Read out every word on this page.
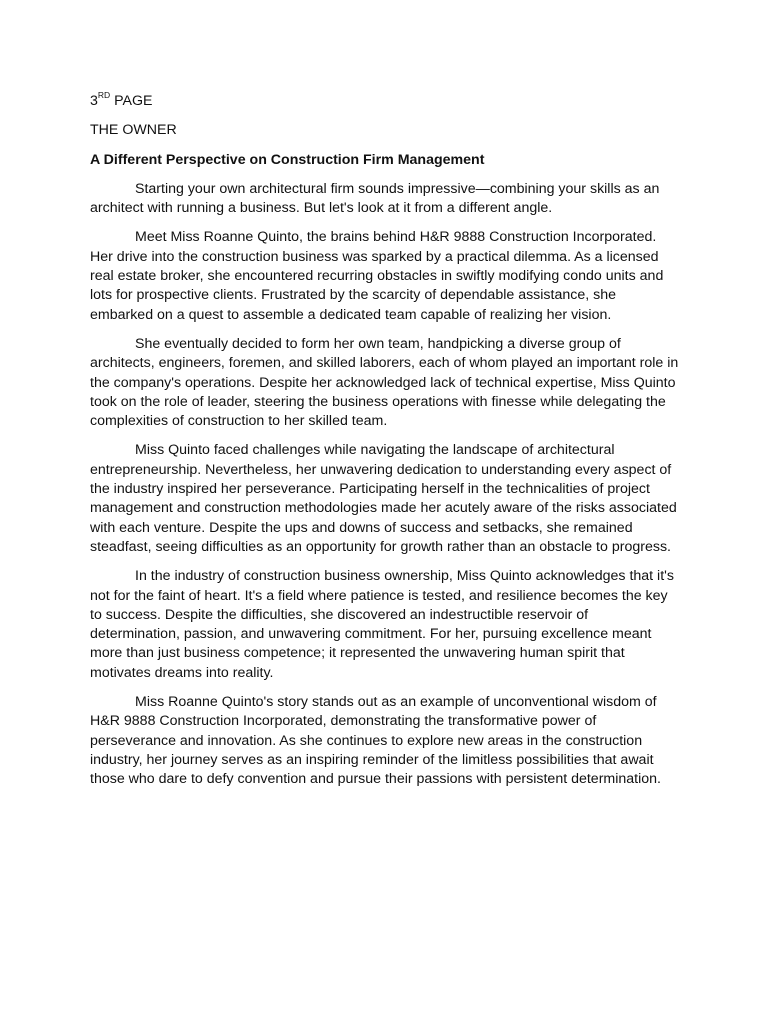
3RD PAGE
THE OWNER
A Different Perspective on Construction Firm Management

Starting your own architectural firm sounds impressive—combining your skills as an architect with running a business. But let's look at it from a different angle.

Meet Miss Roanne Quinto, the brains behind H&R 9888 Construction Incorporated. Her drive into the construction business was sparked by a practical dilemma. As a licensed real estate broker, she encountered recurring obstacles in swiftly modifying condo units and lots for prospective clients. Frustrated by the scarcity of dependable assistance, she embarked on a quest to assemble a dedicated team capable of realizing her vision.

She eventually decided to form her own team, handpicking a diverse group of architects, engineers, foremen, and skilled laborers, each of whom played an important role in the company's operations. Despite her acknowledged lack of technical expertise, Miss Quinto took on the role of leader, steering the business operations with finesse while delegating the complexities of construction to her skilled team.

Miss Quinto faced challenges while navigating the landscape of architectural entrepreneurship. Nevertheless, her unwavering dedication to understanding every aspect of the industry inspired her perseverance. Participating herself in the technicalities of project management and construction methodologies made her acutely aware of the risks associated with each venture. Despite the ups and downs of success and setbacks, she remained steadfast, seeing difficulties as an opportunity for growth rather than an obstacle to progress.

In the industry of construction business ownership, Miss Quinto acknowledges that it's not for the faint of heart. It's a field where patience is tested, and resilience becomes the key to success. Despite the difficulties, she discovered an indestructible reservoir of determination, passion, and unwavering commitment. For her, pursuing excellence meant more than just business competence; it represented the unwavering human spirit that motivates dreams into reality.

Miss Roanne Quinto's story stands out as an example of unconventional wisdom of H&R 9888 Construction Incorporated, demonstrating the transformative power of perseverance and innovation. As she continues to explore new areas in the construction industry, her journey serves as an inspiring reminder of the limitless possibilities that await those who dare to defy convention and pursue their passions with persistent determination.
